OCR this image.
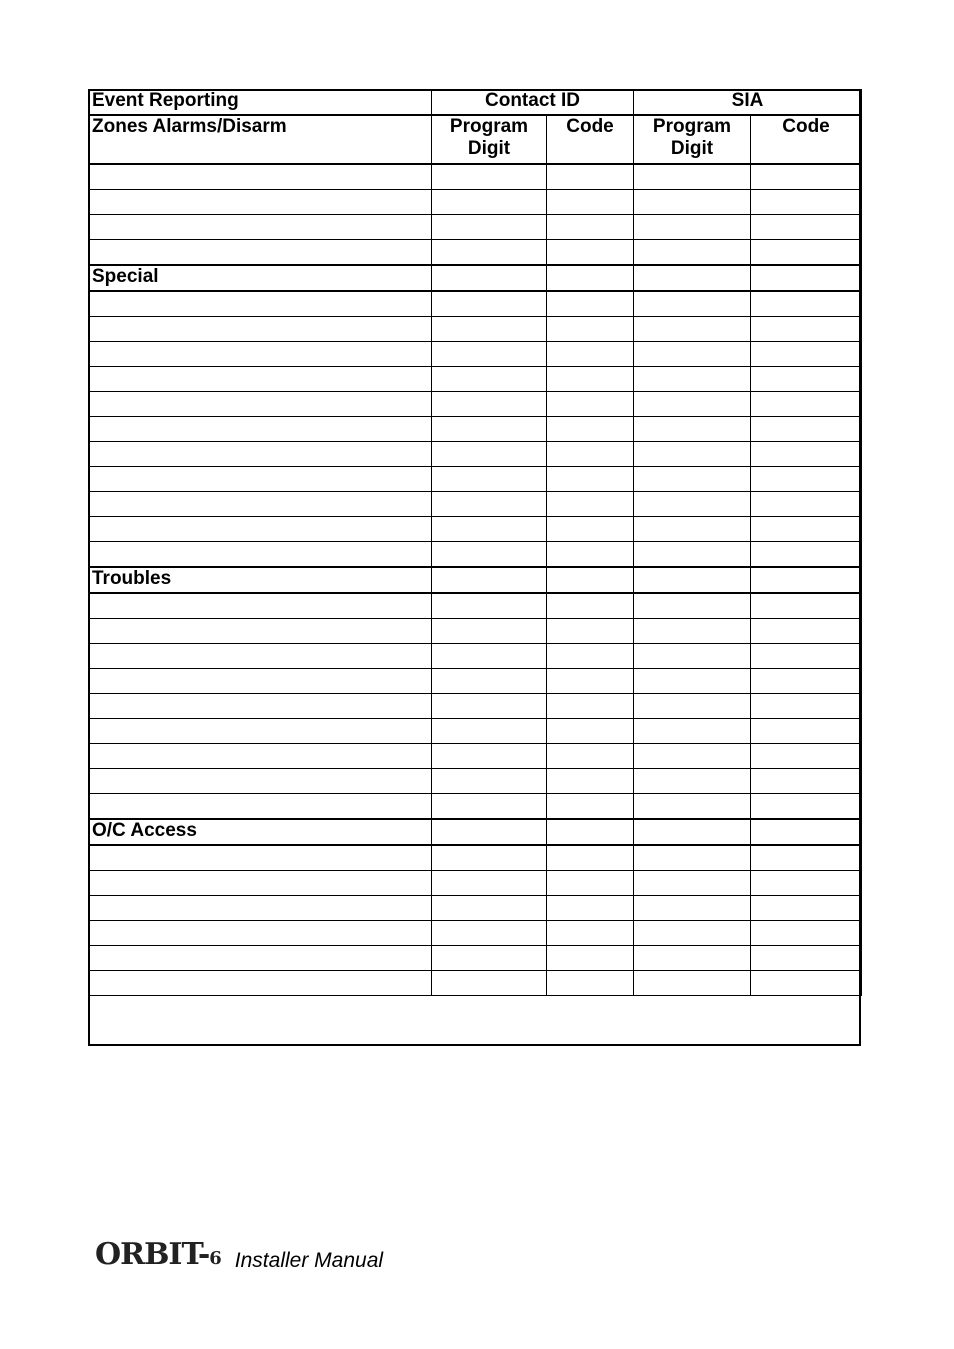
Event Reporting	Contact ID		SIA	
Zones Alarms/Disarm	Program Digit	Code	Program Digit	Code

Special				

Troubles				

O/C Access				

ORBIT-6 Installer Manual
